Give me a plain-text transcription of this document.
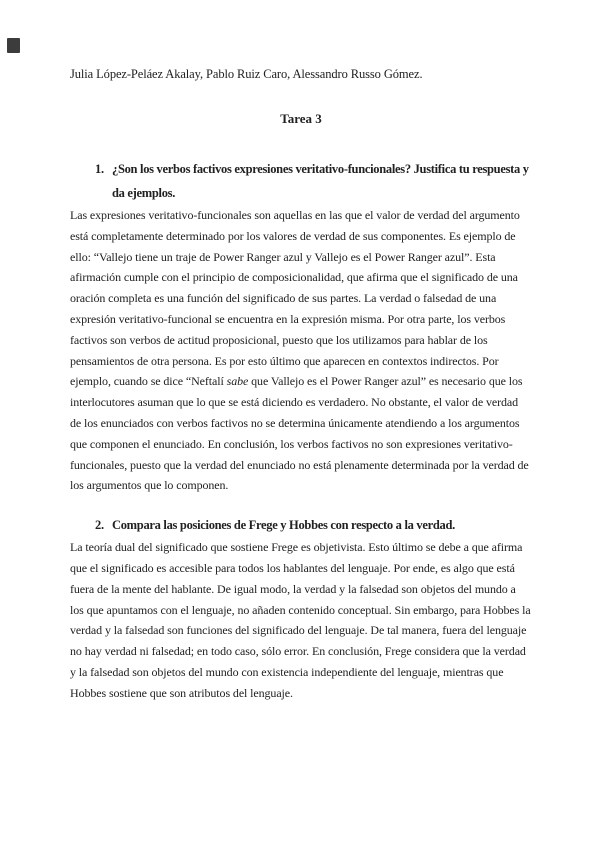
Julia López-Peláez Akalay, Pablo Ruiz Caro, Alessandro Russo Gómez.
Tarea 3
1. ¿Son los verbos factivos expresiones veritativo-funcionales? Justifica tu respuesta y da ejemplos.
Las expresiones veritativo-funcionales son aquellas en las que el valor de verdad del argumento está completamente determinado por los valores de verdad de sus componentes. Es ejemplo de ello: “Vallejo tiene un traje de Power Ranger azul y Vallejo es el Power Ranger azul”. Esta afirmación cumple con el principio de composicionalidad, que afirma que el significado de una oración completa es una función del significado de sus partes. La verdad o falsedad de una expresión veritativo-funcional se encuentra en la expresión misma. Por otra parte, los verbos factivos son verbos de actitud proposicional, puesto que los utilizamos para hablar de los pensamientos de otra persona. Es por esto último que aparecen en contextos indirectos. Por ejemplo, cuando se dice “Neftalí sabe que Vallejo es el Power Ranger azul” es necesario que los interlocutores asuman que lo que se está diciendo es verdadero. No obstante, el valor de verdad de los enunciados con verbos factivos no se determina únicamente atendiendo a los argumentos que componen el enunciado. En conclusión, los verbos factivos no son expresiones veritativo-funcionales, puesto que la verdad del enunciado no está plenamente determinada por la verdad de los argumentos que lo componen.
2. Compara las posiciones de Frege y Hobbes con respecto a la verdad.
La teoría dual del significado que sostiene Frege es objetivista. Esto último se debe a que afirma que el significado es accesible para todos los hablantes del lenguaje. Por ende, es algo que está fuera de la mente del hablante. De igual modo, la verdad y la falsedad son objetos del mundo a los que apuntamos con el lenguaje, no añaden contenido conceptual. Sin embargo, para Hobbes la verdad y la falsedad son funciones del significado del lenguaje. De tal manera, fuera del lenguaje no hay verdad ni falsedad; en todo caso, sólo error. En conclusión, Frege considera que la verdad y la falsedad son objetos del mundo con existencia independiente del lenguaje, mientras que Hobbes sostiene que son atributos del lenguaje.
